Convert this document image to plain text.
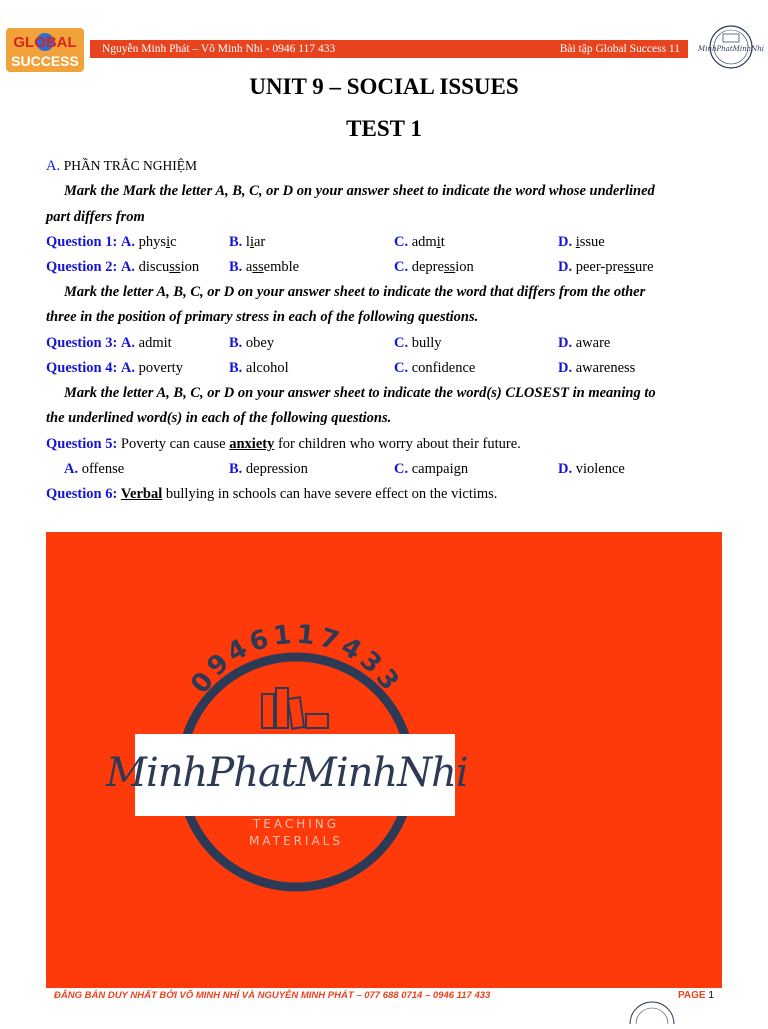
GLOBAL
SUCCESS
Nguyễn Minh Phát – Võ Minh Nhi - 0946 117 433	Bài tập Global Success 11	MinhPhatMinhNhi
UNIT 9 – SOCIAL ISSUES
TEST 1
A. PHẦN TRẮC NGHIỆM
Mark the Mark the letter A, B, C, or D on your answer sheet to indicate the word whose underlined
part differs from
Question 1: A. physic	B. liar	C. admit	D. issue
Question 2: A. discussion B. assemble	C. depression	D. peer-pressure
Mark the letter A, B, C, or D on your answer sheet to indicate the word that differs from the other
three in the position of primary stress in each of the following questions.
Question 3: A. admit	B. obey	C. bully	D. aware
Question 4: A. poverty	B. alcohol	C. confidence	D. awareness
Mark the letter A, B, C, or D on your answer sheet to indicate the word(s) CLOSEST in meaning to
the underlined word(s) in each of the following questions.
Question 5: Poverty can cause anxiety for children who worry about their future.
A. offense	B. depression	C. campaign	D. violence
Question 6: Verbal bullying in schools can have severe effect on the victims.
0946117433
MinhPhatMinhNhi
TEACHING
MATERIALS
ĐĂNG BÁN DUY NHẤT BỞI VÕ MINH NHÍ VÀ NGUYỄN MINH PHÁT – 077 688 0714 – 0946 117 433	PAGE 1
